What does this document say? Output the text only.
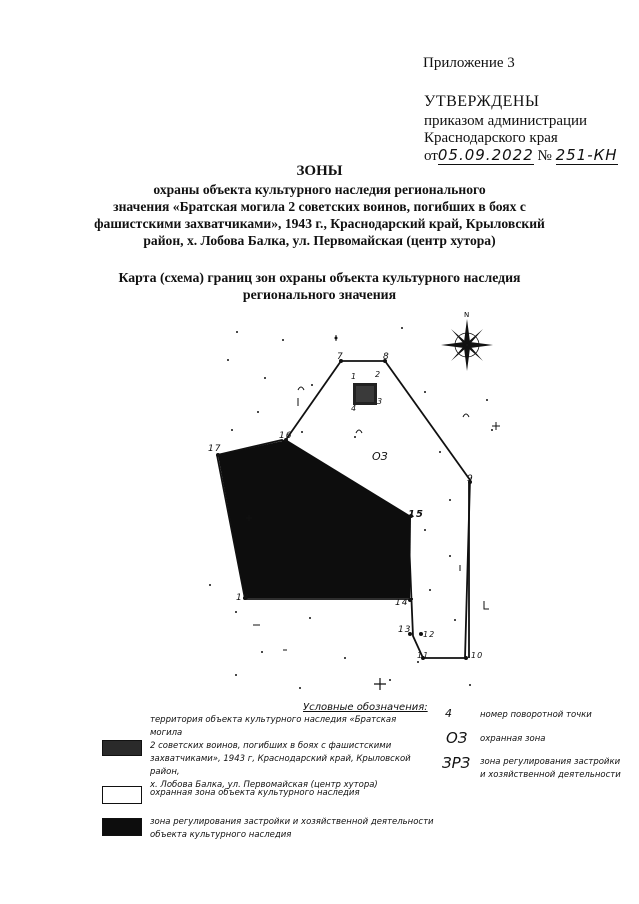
Приложение 3
УТВЕРЖДЕНЫ
приказом администрации
Краснодарского края
от05.09.2022 № 251-КН
ЗОНЫ
охраны объекта культурного наследия регионального
значения «Братская могила 2 советских воинов, погибших в боях с
фашистскими захватчиками», 1943 г., Краснодарский край, Крыловский
район, х. Лобова Балка, ул. Первомайская (центр хутора)
Карта (схема) границ зон охраны объекта культурного наследия
регионального значения
N
ОЗ
7	8
1 2
3
4
9
15
16
17
18	14
13 12
10
11
Условные обозначения:
территория объекта культурного наследия «Братская могила
2 советских воинов, погибших в боях с фашистскими
захватчиками», 1943 г, Краснодарский край, Крыловской район,
х. Лобова Балка, ул. Первомайская (центр хутора)
охранная зона объекта культурного наследия
зона регулирования застройки и хозяйственной деятельности
объекта культурного наследия
4	номер поворотной точки
ОЗ охранная зона
ЗРЗ зона регулирования застройки
и хозяйственной деятельности
